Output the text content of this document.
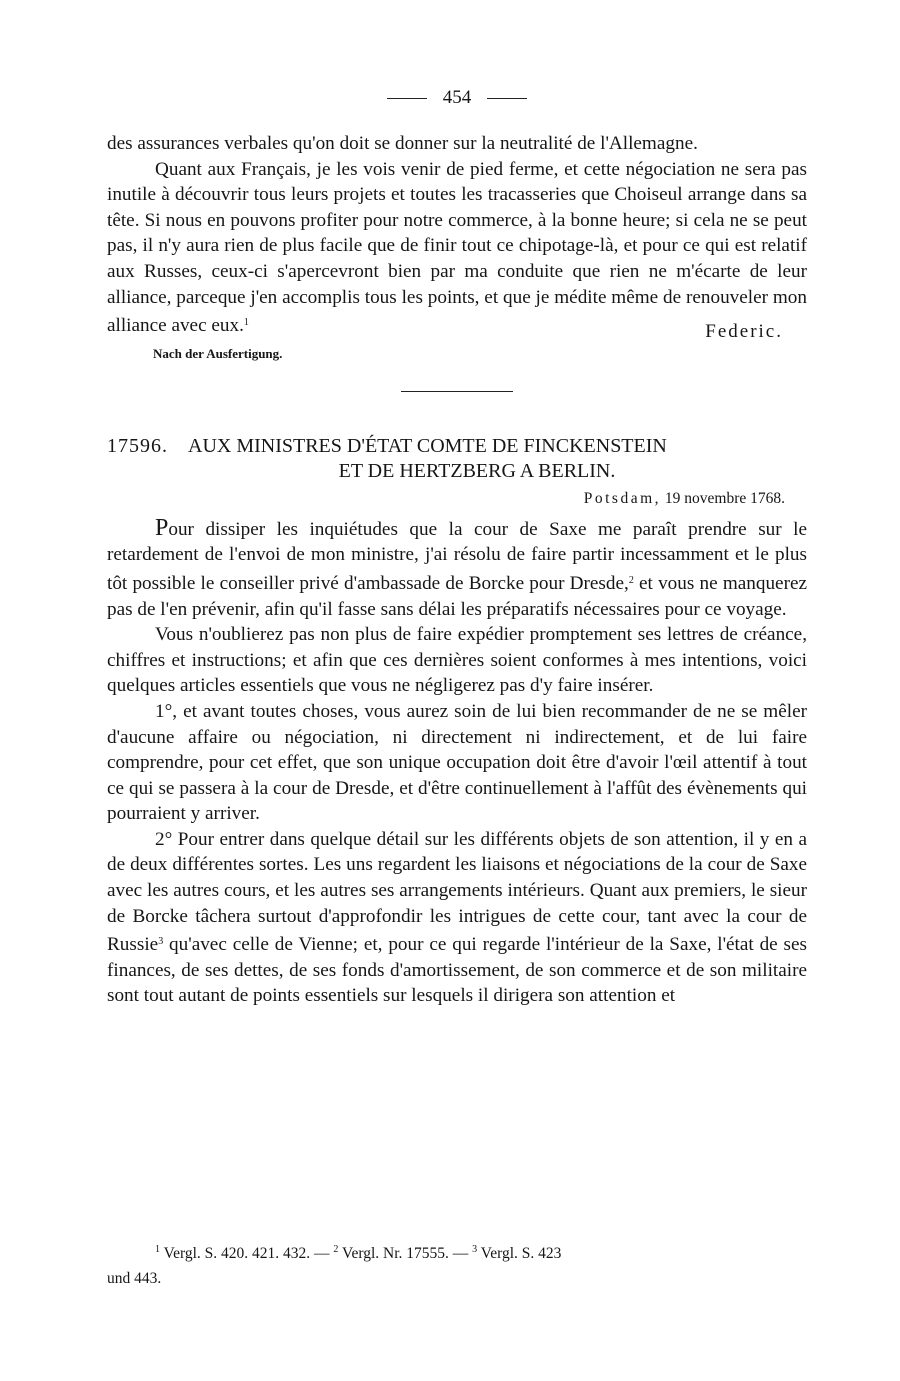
454

des assurances verbales qu'on doit se donner sur la neutralité de l'Allemagne.

Quant aux Français, je les vois venir de pied ferme, et cette négociation ne sera pas inutile à découvrir tous leurs projets et toutes les tracasseries que Choiseul arrange dans sa tête. Si nous en pouvons profiter pour notre commerce, à la bonne heure; si cela ne se peut pas, il n'y aura rien de plus facile que de finir tout ce chipotage-là, et pour ce qui est relatif aux Russes, ceux-ci s'apercevront bien par ma conduite que rien ne m'écarte de leur alliance, parceque j'en accomplis tous les points, et que je médite même de renouveler mon alliance avec eux.$^1$	Federic.
Nach der Ausfertigung.
17596. AUX MINISTRES D'ÉTAT COMTE DE FINCKENSTEIN
ET DE HERTZBERG A BERLIN.
Potsdam, 19 novembre 1768.

Pour dissiper les inquiétudes que la cour de Saxe me paraît prendre sur le retardement de l'envoi de mon ministre, j'ai résolu de faire partir incessamment et le plus tôt possible le conseiller privé d'ambassade de Borcke pour Dresde,$^2$ et vous ne manquerez pas de l'en prévenir, afin qu'il fasse sans délai les préparatifs nécessaires pour ce voyage.

Vous n'oublierez pas non plus de faire expédier promptement ses lettres de créance, chiffres et instructions; et afin que ces dernières soient conformes à mes intentions, voici quelques articles essentiels que vous ne négligerez pas d'y faire insérer.

1°, et avant toutes choses, vous aurez soin de lui bien recommander de ne se mêler d'aucune affaire ou négociation, ni directement ni indirectement, et de lui faire comprendre, pour cet effet, que son unique occupation doit être d'avoir l'œil attentif à tout ce qui se passera à la cour de Dresde, et d'être continuellement à l'affût des évènements qui pourraient y arriver.

2° Pour entrer dans quelque détail sur les différents objets de son attention, il y en a de deux différentes sortes. Les uns regardent les liaisons et négociations de la cour de Saxe avec les autres cours, et les autres ses arrangements intérieurs. Quant aux premiers, le sieur de Borcke tâchera surtout d'approfondir les intrigues de cette cour, tant avec la cour de Russie$^3$ qu'avec celle de Vienne; et, pour ce qui regarde l'intérieur de la Saxe, l'état de ses finances, de ses dettes, de ses fonds d'amortissement, de son commerce et de son militaire sont tout autant de points essentiels sur lesquels il dirigera son attention et

$^1$ Vergl. S. 420. 421. 432. — $^2$ Vergl. Nr. 17555. — $^3$ Vergl. S. 423
und 443.
